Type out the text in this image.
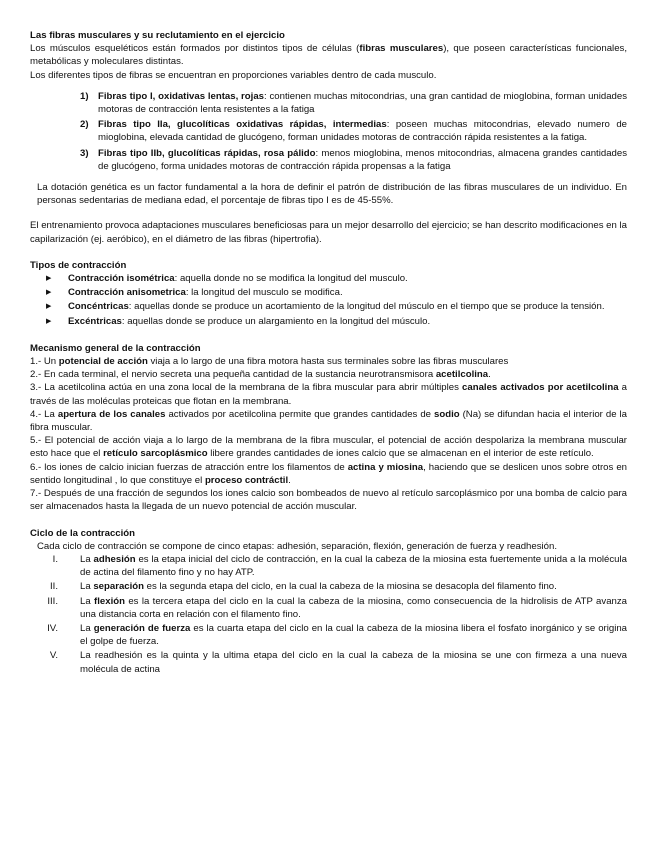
Las fibras musculares y su reclutamiento en el ejercicio

Los músculos esqueléticos están formados por distintos tipos de células (fibras musculares), que poseen características funcionales, metabólicas y moleculares distintas.

Los diferentes tipos de fibras se encuentran en proporciones variables dentro de cada musculo.

1) Fibras tipo I, oxidativas lentas, rojas: contienen muchas mitocondrias, una gran cantidad de mioglobina, forman unidades motoras de contracción lenta resistentes a la fatiga
2) Fibras tipo IIa, glucolíticas oxidativas rápidas, intermedias: poseen muchas mitocondrias, elevado numero de mioglobina, elevada cantidad de glucógeno, forman unidades motoras de contracción rápida resistentes a la fatiga.
3) Fibras tipo IIb, glucolíticas rápidas, rosa pálido: menos mioglobina, menos mitocondrias, almacena grandes cantidades de glucógeno, forma unidades motoras de contracción rápida propensas a la fatiga

La dotación genética es un factor fundamental a la hora de definir el patrón de distribución de las fibras musculares de un individuo. En personas sedentarias de mediana edad, el porcentaje de fibras tipo I es de 45-55%.

El entrenamiento provoca adaptaciones musculares beneficiosas para un mejor desarrollo del ejercicio; se han descrito modificaciones en la capilarización (ej. aeróbico), en el diámetro de las fibras (hipertrofia).

Tipos de contracción

▶	Contracción isométrica: aquella donde no se modifica la longitud del musculo.
▶	Contracción anisometrica: la longitud del musculo se modifica.
▶	Concéntricas: aquellas donde se produce un acortamiento de la longitud del músculo en el tiempo que se produce la tensión.
▶	Excéntricas: aquellas donde se produce un alargamiento en la longitud del músculo.

Mecanismo general de la contracción

1.- Un potencial de acción viaja a lo largo de una fibra motora hasta sus terminales sobre las fibras musculares

2.- En cada terminal, el nervio secreta una pequeña cantidad de la sustancia neurotransmisora acetilcolina.

3.- La acetilcolina actúa en una zona local de la membrana de la fibra muscular para abrir múltiples canales activados por acetilcolina a través de las moléculas proteicas que flotan en la membrana.

4.- La apertura de los canales activados por acetilcolina permite que grandes cantidades de sodio (Na) se difundan hacia el interior de la fibra muscular.

5.- El potencial de acción viaja a lo largo de la membrana de la fibra muscular, el potencial de acción despolariza la membrana muscular esto hace que el retículo sarcoplásmico libere grandes cantidades de iones calcio que se almacenan en el interior de este retículo.

6.- los iones de calcio inician fuerzas de atracción entre los filamentos de actina y miosina, haciendo que se deslicen unos sobre otros en sentido longitudinal , lo que constituye el proceso contráctil.

7.- Después de una fracción de segundos los iones calcio son bombeados de nuevo al retículo sarcoplásmico por una bomba de calcio para ser almacenados hasta la llegada de un nuevo potencial de acción muscular.

Ciclo de la contracción

Cada ciclo de contracción se compone de cinco etapas: adhesión, separación, flexión, generación de fuerza y readhesión.

I.	La adhesión es la etapa inicial del ciclo de contracción, en la cual la cabeza de la miosina esta fuertemente unida a la molécula de actina del filamento fino y no hay ATP.
II.	La separación es la segunda etapa del ciclo, en la cual la cabeza de la miosina se desacopla del filamento fino.
III.	La flexión es la tercera etapa del ciclo en la cual la cabeza de la miosina, como consecuencia de la hidrolisis de ATP avanza una distancia corta en relación con el filamento fino.
IV.	La generación de fuerza es la cuarta etapa del ciclo en la cual la cabeza de la miosina libera el fosfato inorgánico y se origina el golpe de fuerza.
V.	La readhesión es la quinta y la ultima etapa del ciclo en la cual la cabeza de la miosina se une con firmeza a una nueva molécula de actina
